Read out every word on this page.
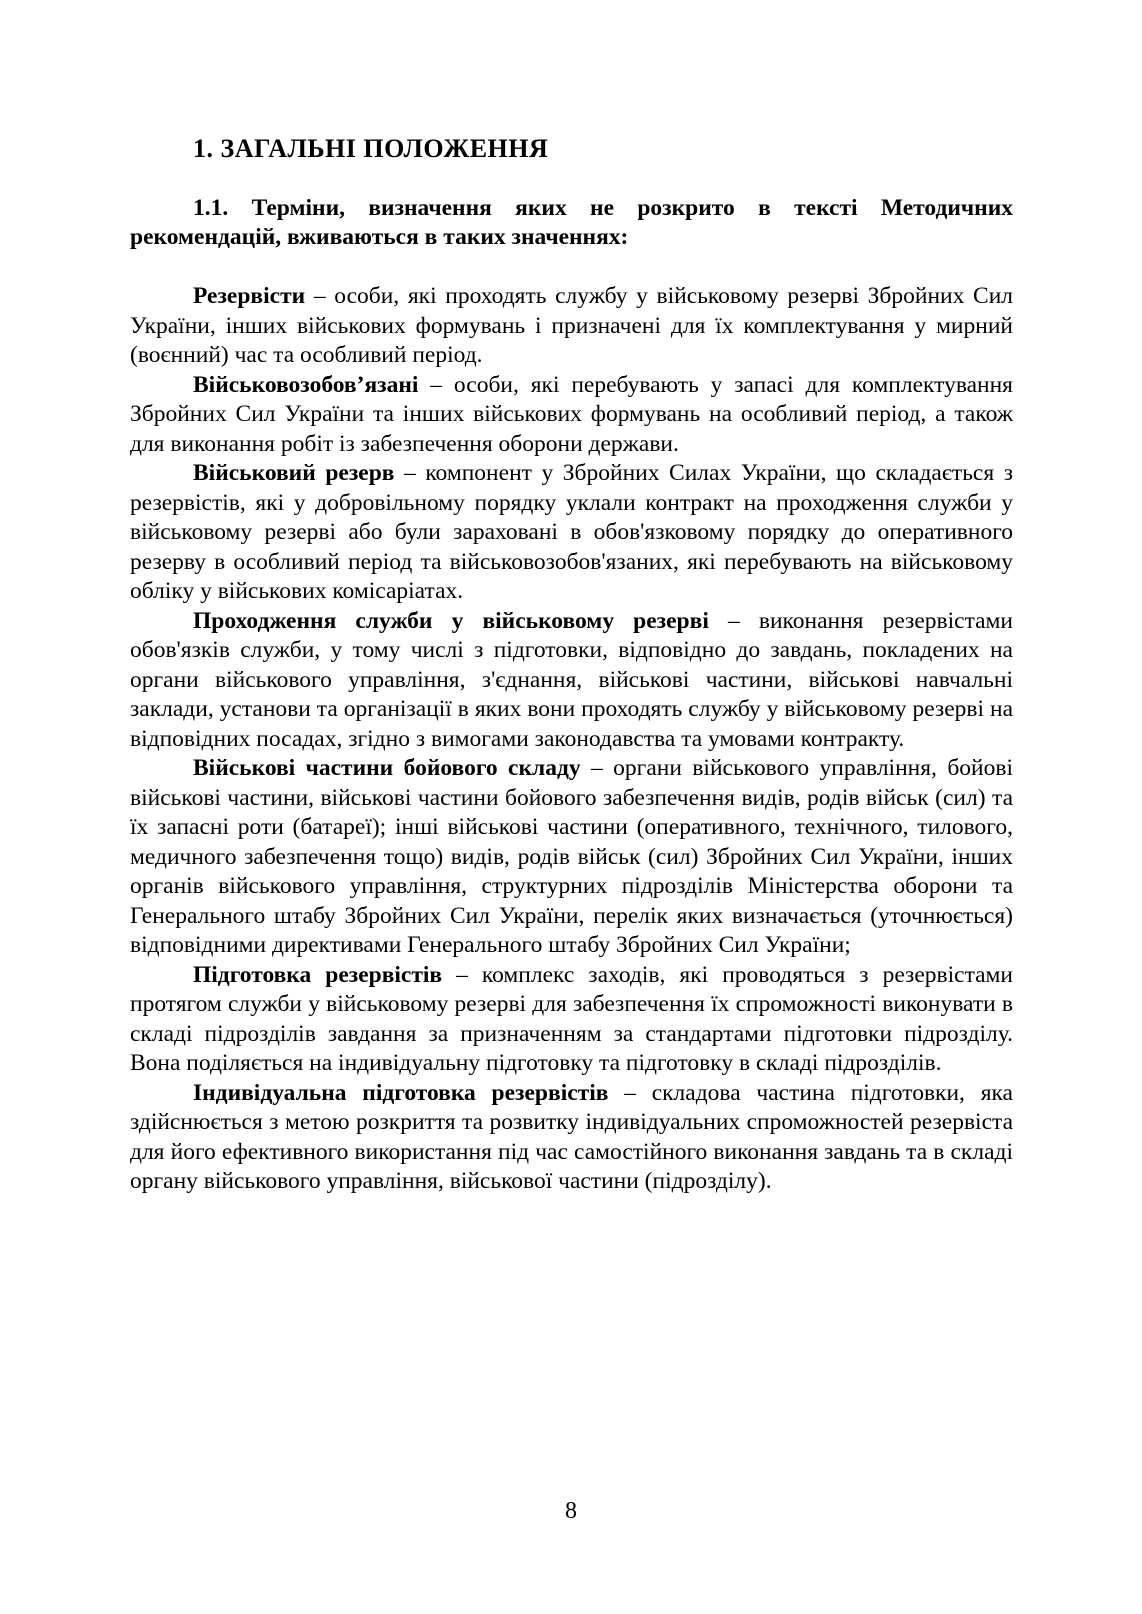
1. ЗАГАЛЬНІ ПОЛОЖЕННЯ
1.1. Терміни, визначення яких не розкрито в тексті Методичних рекомендацій, вживаються в таких значеннях:

Резервісти – особи, які проходять службу у військовому резерві Збройних Сил України, інших військових формувань і призначені для їх комплектування у мирний (воєнний) час та особливий період.

Військовозобов’язані – особи, які перебувають у запасі для комплектування Збройних Сил України та інших військових формувань на особливий період, а також для виконання робіт із забезпечення оборони держави.

Військовий резерв – компонент у Збройних Силах України, що складається з резервістів, які у добровільному порядку уклали контракт на проходження служби у військовому резерві або були зараховані в обов'язковому порядку до оперативного резерву в особливий період та військовозобов'язаних, які перебувають на військовому обліку у військових комісаріатах.

Проходження служби у військовому резерві – виконання резервістами обов'язків служби, у тому числі з підготовки, відповідно до завдань, покладених на органи військового управління, з'єднання, військові частини, військові навчальні заклади, установи та організації в яких вони проходять службу у військовому резерві на відповідних посадах, згідно з вимогами законодавства та умовами контракту.

Військові частини бойового складу – органи військового управління, бойові військові частини, військові частини бойового забезпечення видів, родів військ (сил) та їх запасні роти (батареї); інші військові частини (оперативного, технічного, тилового, медичного забезпечення тощо) видів, родів військ (сил) Збройних Сил України, інших органів військового управління, структурних підрозділів Міністерства оборони та Генерального штабу Збройних Сил України, перелік яких визначається (уточнюється) відповідними директивами Генерального штабу Збройних Сил України;

Підготовка резервістів – комплекс заходів, які проводяться з резервістами протягом служби у військовому резерві для забезпечення їх спроможності виконувати в складі підрозділів завдання за призначенням за стандартами підготовки підрозділу. Вона поділяється на індивідуальну підготовку та підготовку в складі підрозділів.

Індивідуальна підготовка резервістів – складова частина підготовки, яка здійснюється з метою розкриття та розвитку індивідуальних спроможностей резервіста для його ефективного використання під час самостійного виконання завдань та в складі органу військового управління, військової частини (підрозділу).

8
